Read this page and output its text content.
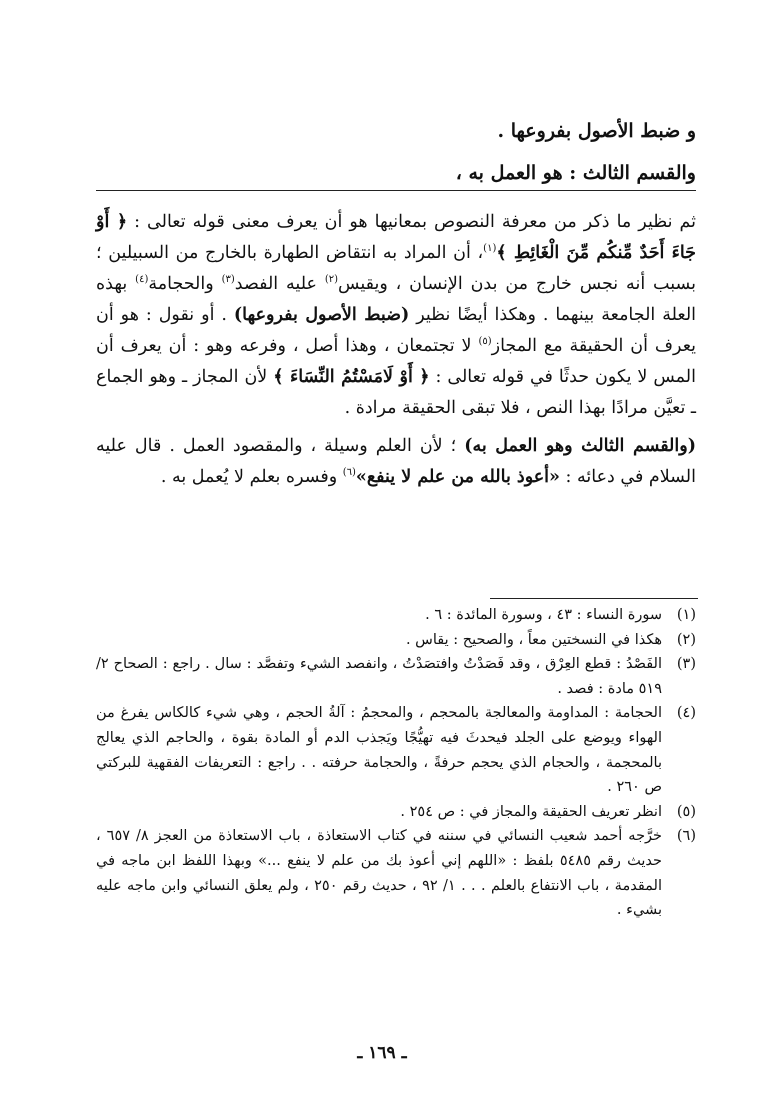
و ضبط الأصول بفروعها .
والقسم الثالث : هو العمل به ،

ثم نظير ما ذكر من معرفة النصوص بمعانيها هو أن يعرف معنى قوله تعالى : ﴿ أَوْ جَاءَ أَحَدٌ مِّنكُم مِّنَ الْغَائِطِ ﴾$^{(١)}$، أن المراد به انتقاض الطهارة بالخارج من السبيلين ؛ بسبب أنه نجس خارج من بدن الإنسان ، ويقيس$^{(٢)}$ عليه الفصد$^{(٣)}$ والحجامة$^{(٤)}$ بهذه العلة الجامعة بينهما . وهكذا أيضًا نظير (ضبط الأصول بفروعها) . أو نقول : هو أن يعرف أن الحقيقة مع المجاز$^{(٥)}$ لا تجتمعان ، وهذا أصل ، وفرعه وهو : أن يعرف أن المس لا يكون حدثًا في قوله تعالى : ﴿ أَوْ لَامَسْتُمُ النِّسَاءَ ﴾ لأن المجاز ـ وهو الجماع ـ تعيَّن مرادًا بهذا النص ، فلا تبقى الحقيقة مرادة .

(والقسم الثالث وهو العمل به) ؛ لأن العلم وسيلة ، والمقصود العمل . قال عليه السلام في دعائه : «أعوذ بالله من علم لا ينفع»$^{(٦)}$ وفسره بعلم لا يُعمل به .

(١)
سورة النساء : ٤٣ ، وسورة المائدة : ٦ .
(٢)
هكذا في النسختين معاً ، والصحيح : يقاس .
(٣)
الفَصْدُ : قطع العِرْق ، وقد فَصَدْتُ وافتصَدْتُ ، وانفصد الشيء وتفصَّد : سال . راجع : الصحاح ٢/ ٥١٩ مادة : فصد .
(٤)
الحجامة : المداومة والمعالجة بالمحجم ، والمحجمُ : آلةُ الحجم ، وهي شيء كالكاس يفرغ من الهواء ويوضع على الجلد فيحدثَ فيه تهيُّجًا ويَجذب الدم أو المادة بقوة ، والحاجم الذي يعالج بالمحجمة ، والحجام الذي يحجم حرفةً ، والحجامة حرفته . . راجع : التعريفات الفقهية للبركتي ص ٢٦٠ .
(٥)
انظر تعريف الحقيقة والمجاز في : ص ٢٥٤ .
(٦)
خرَّجه أحمد شعيب النسائي في سننه في كتاب الاستعاذة ، باب الاستعاذة من العجز ٨/ ٦٥٧ ، حديث رقم ٥٤٨٥ بلفظ : «اللهم إني أعوذ بك من علم لا ينفع ...» وبهذا اللفظ ابن ماجه في المقدمة ، باب الانتفاع بالعلم . . . ١/ ٩٢ ، حديث رقم ٢٥٠ ، ولم يعلق النسائي وابن ماجه عليه بشيء .
ـ ١٦٩ ـ
